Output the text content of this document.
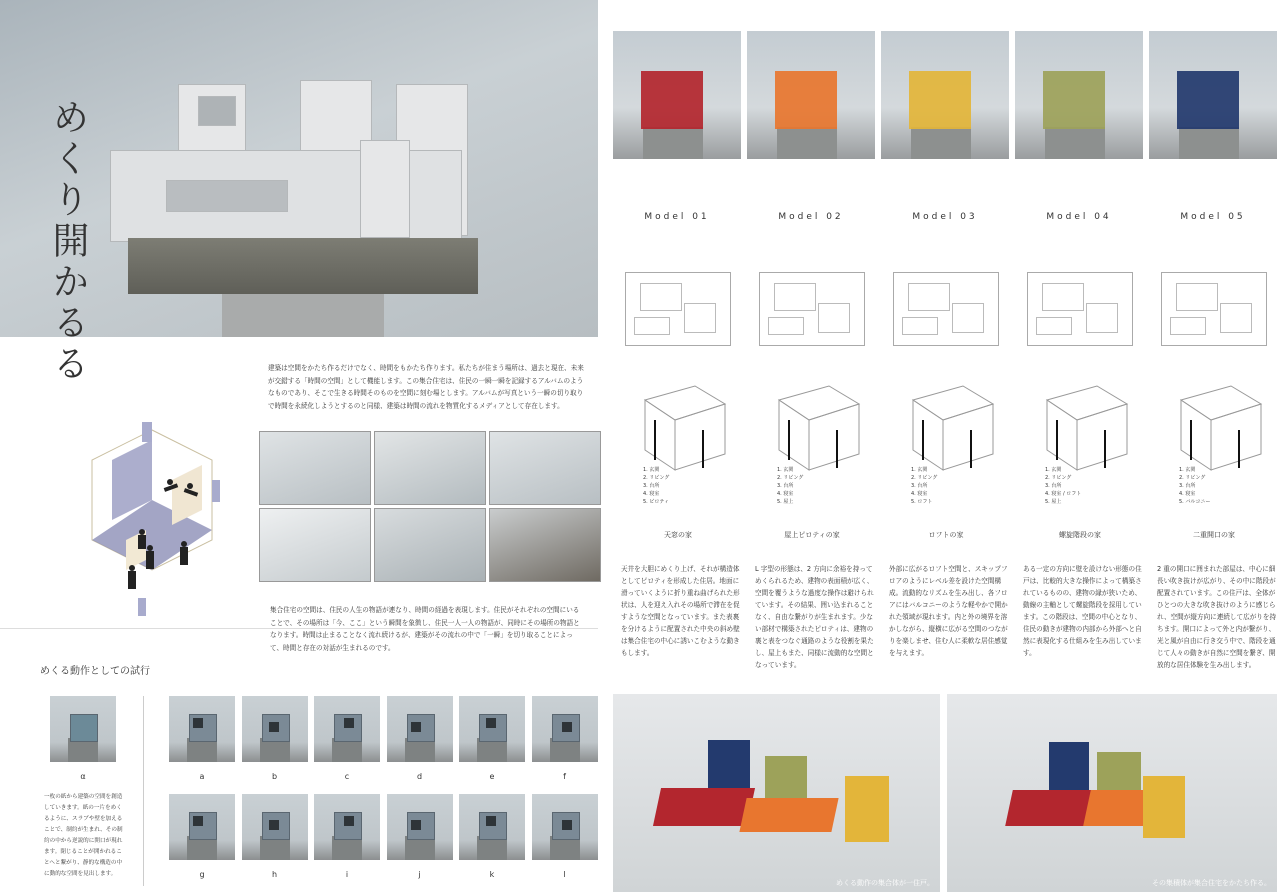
めくり開かるる	建築は空間をかたち作るだけでなく、時間をもかたち作ります。私たちが住まう場所は、過去と現在、未来が交錯する「時間の空間」として機能します。この集合住宅は、住民の一瞬一瞬を記録するアルバムのようなものであり、そこで生きる時間そのものを空間に刻む場とします。アルバムが写真という一瞬の切り取りで時間を永続化しようとするのと同様、建築は時間の流れを物質化するメディアとして存在します。
集合住宅の空間は、住民の人生の物語が連なり、時間の経過を表現します。住民がそれぞれの空間にいることで、その場所は「今、ここ」という瞬間を象徴し、住民一人一人の物語が、同時にその場所の物語となります。時間は止まることなく流れ続けるが、建築がその流れの中で「一瞬」を切り取ることによって、時間と存在の対話が生まれるのです。
めくる動作としての試行
α
一枚の紙から建築の空間を創造していきます。紙の一片をめくるように、スラブや壁を加えることで、制約が生まれ、その制約の中から逆説的に開口が現れます。閉じることが開かれることへと繋がり、静的な構造の中に動的な空間を見出します。
a	b	c	d	e	f
g	h	i	j	k	l
Model 01
1. 玄関
2. リビング
3. 台所
4. 寝室
5. ピロティ
天窓の家
天井を大胆にめくり上げ、それが構造体としてピロティを形成した住居。地面に滑っていくように折り重ね曲げられた形状は、人を迎え入れその場所で滞在を促すような空間となっています。また表裏を分けるように配置された中央の斜め壁は集合住宅の中心に誘いこむような動きもします。
Model 02
1. 玄関
2. リビング
3. 台所
4. 寝室
5. 屋上
屋上ピロティの家
L 字型の形態は、2 方向に余裕を持ってめくられるため、建物の表面積が広く、空間を覆うような過度な操作は避けられています。その結果、囲い込まれることなく、自由な繋がりが生まれます。少ない部材で構築されたピロティは、建物の裏と表をつなぐ通路のような役割を果たし、屋上もまた、同様に流動的な空間となっています。
Model 03
1. 玄関
2. リビング
3. 台所
4. 寝室
5. ロフト
ロフトの家
外部に広がるロフト空間と、スキップフロアのようにレベル差を設けた空間構成。流動的なリズムを生み出し、各フロアにはバルコニーのような軽やかで開かれた領域が現れます。内と外の境界を溶かしながら、縦横に広がる空間のつながりを楽しませ、住む人に柔軟な居住感覚を与えます。
Model 04
1. 玄関
2. リビング
3. 台所
4. 寝室 / ロフト
5. 屋上
螺旋階段の家
ある一定の方向に壁を設けない形態の住戸は、比較的大きな操作によって構築されているものの、建物の縁が狭いため、動線の主軸として螺旋階段を採用しています。この階段は、空間の中心となり、住民の動きが建物の内部から外部へと自然に表現化する仕組みを生み出しています。
Model 05
1. 玄関
2. リビング
3. 台所
4. 寝室
5. バルコニー
二重開口の家
2 重の開口に囲まれた部屋は、中心に細長い吹き抜けが広がり、その中に階段が配置されています。この住戸は、全体がひとつの大きな吹き抜けのように感じられ、空間が縦方向に連続して広がりを持ちます。開口によって外と内が繋がり、光と風が自由に行き交う中で、階段を通じて人々の動きが自然に空間を繋ぎ、開放的な居住体験を生み出します。
めくる動作の集合体が一住戸。	その集積体が集合住宅をかたち作る。
